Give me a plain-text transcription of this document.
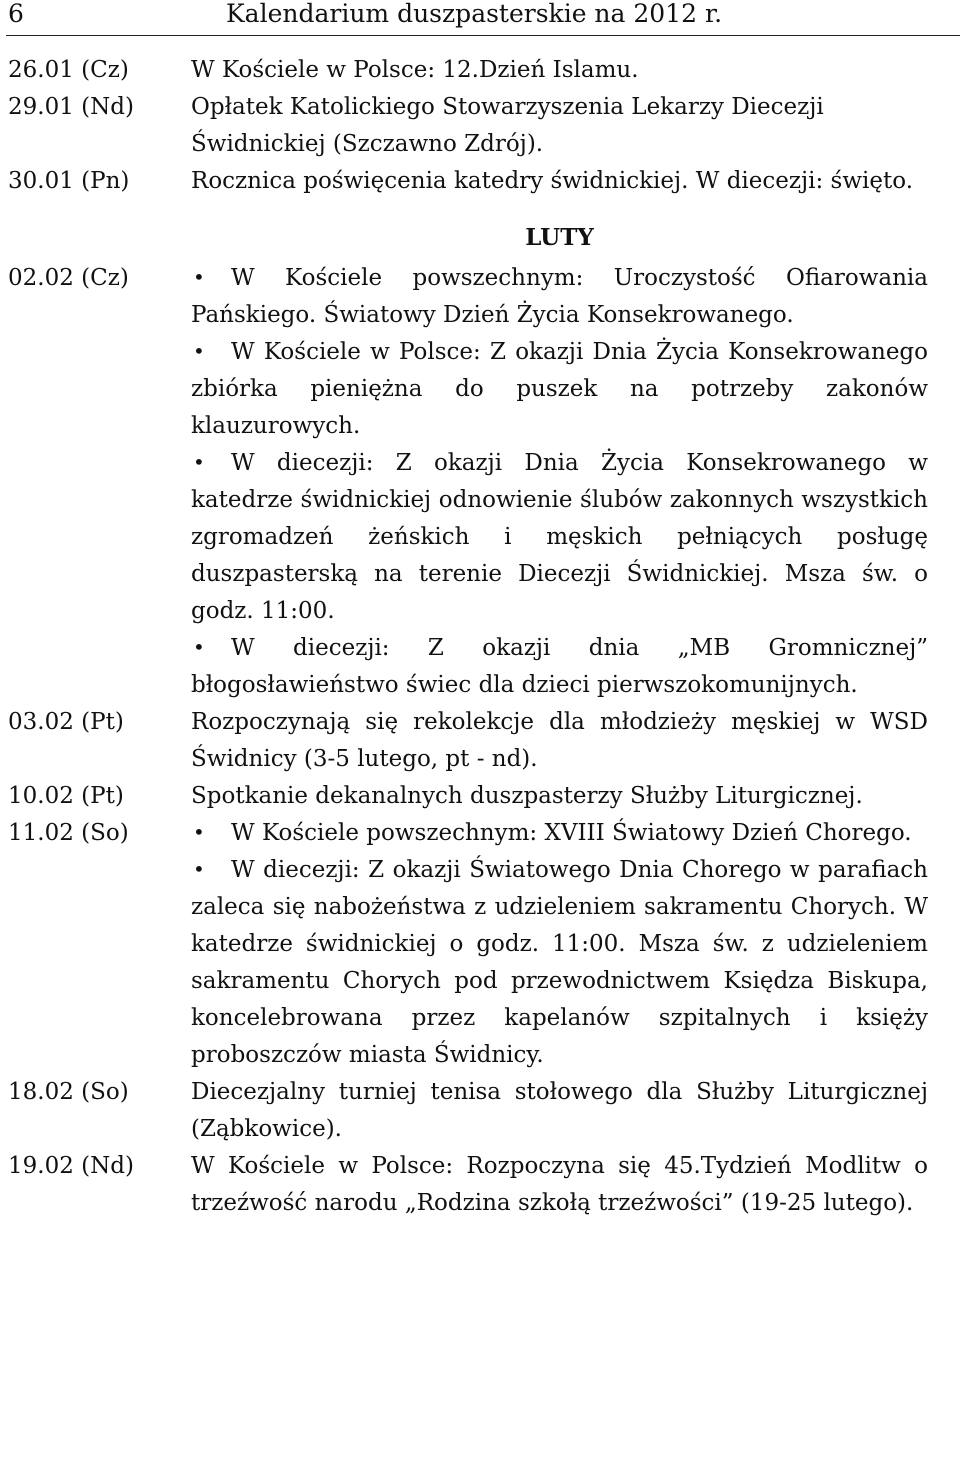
6	Kalendarium duszpasterskie na 2012 r.
26.01 (Cz)	W Kościele w Polsce: 12.Dzień Islamu.

29.01 (Nd) Opłatek Katolickiego Stowarzyszenia Lekarzy Diecezji Świdnickiej (Szczawno Zdrój).

30.01 (Pn)	Rocznica poświęcenia katedry świdnickiej. W diecezji: święto.

LUTY
02.02 (Cz) •	W Kościele powszechnym: Uroczystość Ofiarowania Pańskiego. Światowy Dzień Życia Konsekrowanego.

•W Kościele w Polsce: Z okazji Dnia Życia Konsekrowanego zbiórka pieniężna do puszek na potrzeby zakonów klauzurowych.

•W diecezji: Z okazji Dnia Życia Konsekrowanego w katedrze świdnickiej odnowienie ślubów zakonnych wszystkich zgromadzeń żeńskich i męskich pełniących posługę duszpasterską na terenie Diecezji Świdnickiej. Msza św. o godz. 11:00.

•W diecezji: Z okazji dnia „MB Gromnicznej” błogosławieństwo świec dla dzieci pierwszokomunijnych.

03.02 (Pt)	Rozpoczynają się rekolekcje dla młodzieży męskiej w WSD Świdnicy (3-5 lutego, pt - nd).

10.02 (Pt)	Spotkanie dekanalnych duszpasterzy Służby Liturgicznej.

11.02 (So) •	W Kościele powszechnym: XVIII Światowy Dzień Chorego.

•W diecezji: Z okazji Światowego Dnia Chorego w parafiach zaleca się nabożeństwa z udzieleniem sakramentu Chorych. W katedrze świdnickiej o godz. 11:00. Msza św. z udzieleniem sakramentu Chorych pod przewodnictwem Księdza Biskupa, koncelebrowana przez kapelanów szpitalnych i księży proboszczów miasta Świdnicy.

18.02 (So)	Diecezjalny turniej tenisa stołowego dla Służby Liturgicznej (Ząbkowice).

19.02 (Nd) W Kościele w Polsce: Rozpoczyna się 45.Tydzień Modlitw o trzeźwość narodu „Rodzina szkołą trzeźwości” (19-25 lutego).
